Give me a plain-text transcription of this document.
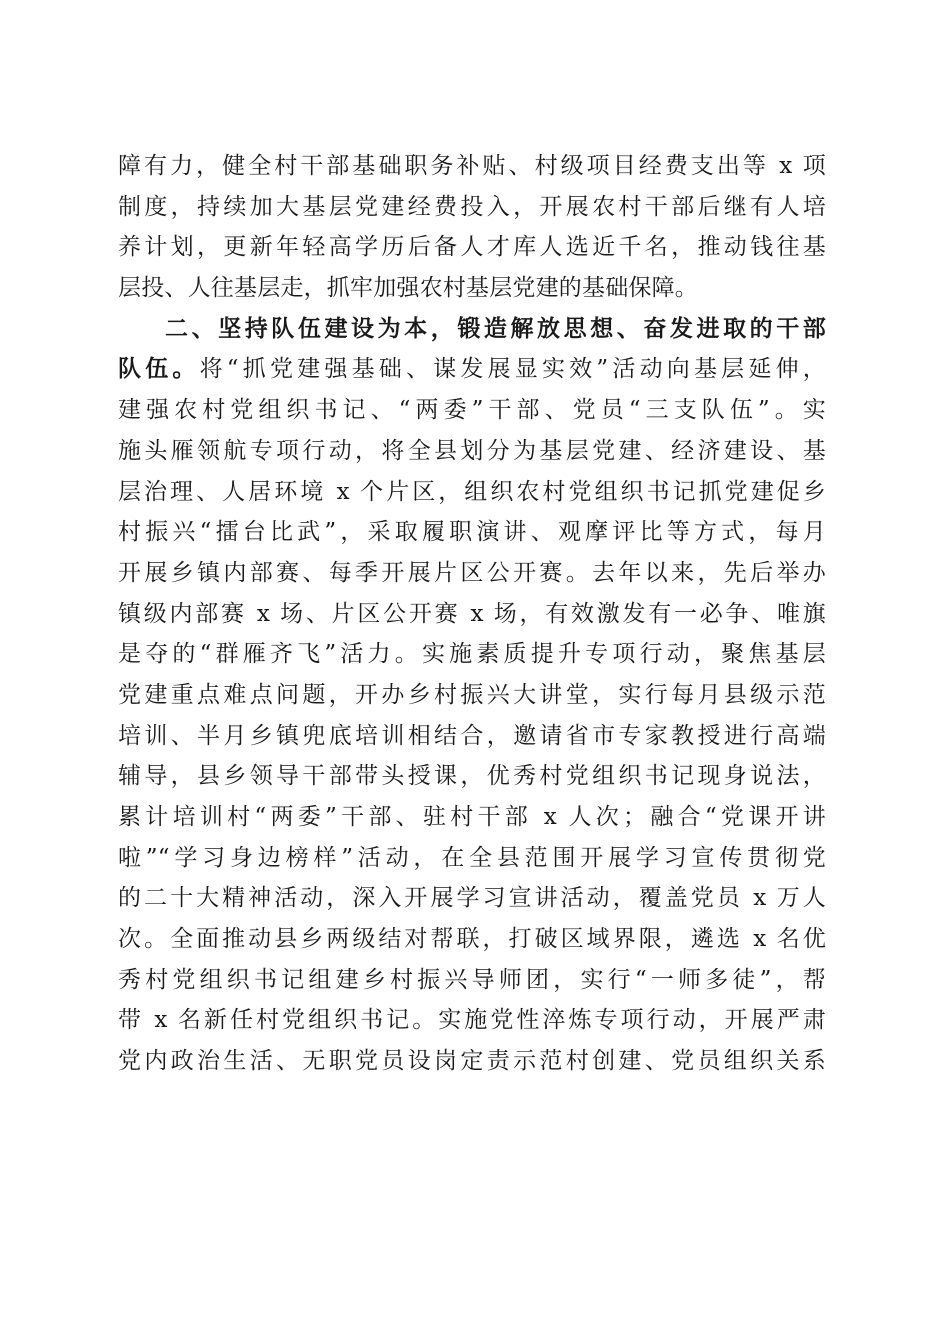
障有力，健全村干部基础职务补贴、村级项目经费支出等 x 项
制度，持续加大基层党建经费投入，开展农村干部后继有人培
养计划，更新年轻高学历后备人才库人选近千名，推动钱往基
层投、人往基层走，抓牢加强农村基层党建的基础保障。
二、坚持队伍建设为本，锻造解放思想、奋发进取的干部
队伍。将“抓党建强基础、谋发展显实效”活动向基层延伸，
建强农村党组织书记、“两委”干部、党员“三支队伍”。实
施头雁领航专项行动，将全县划分为基层党建、经济建设、基
层治理、人居环境 x 个片区，组织农村党组织书记抓党建促乡
村振兴“擂台比武”，采取履职演讲、观摩评比等方式，每月
开展乡镇内部赛、每季开展片区公开赛。去年以来，先后举办
镇级内部赛 x 场、片区公开赛 x 场，有效激发有一必争、唯旗
是夺的“群雁齐飞”活力。实施素质提升专项行动，聚焦基层
党建重点难点问题，开办乡村振兴大讲堂，实行每月县级示范
培训、半月乡镇兜底培训相结合，邀请省市专家教授进行高端
辅导，县乡领导干部带头授课，优秀村党组织书记现身说法，
累计培训村“两委”干部、驻村干部 x 人次；融合“党课开讲
啦”“学习身边榜样”活动，在全县范围开展学习宣传贯彻党
的二十大精神活动，深入开展学习宣讲活动，覆盖党员 x 万人
次。全面推动县乡两级结对帮联，打破区域界限，遴选 x 名优
秀村党组织书记组建乡村振兴导师团，实行“一师多徒”，帮
带 x 名新任村党组织书记。实施党性淬炼专项行动，开展严肃
党内政治生活、无职党员设岗定责示范村创建、党员组织关系
